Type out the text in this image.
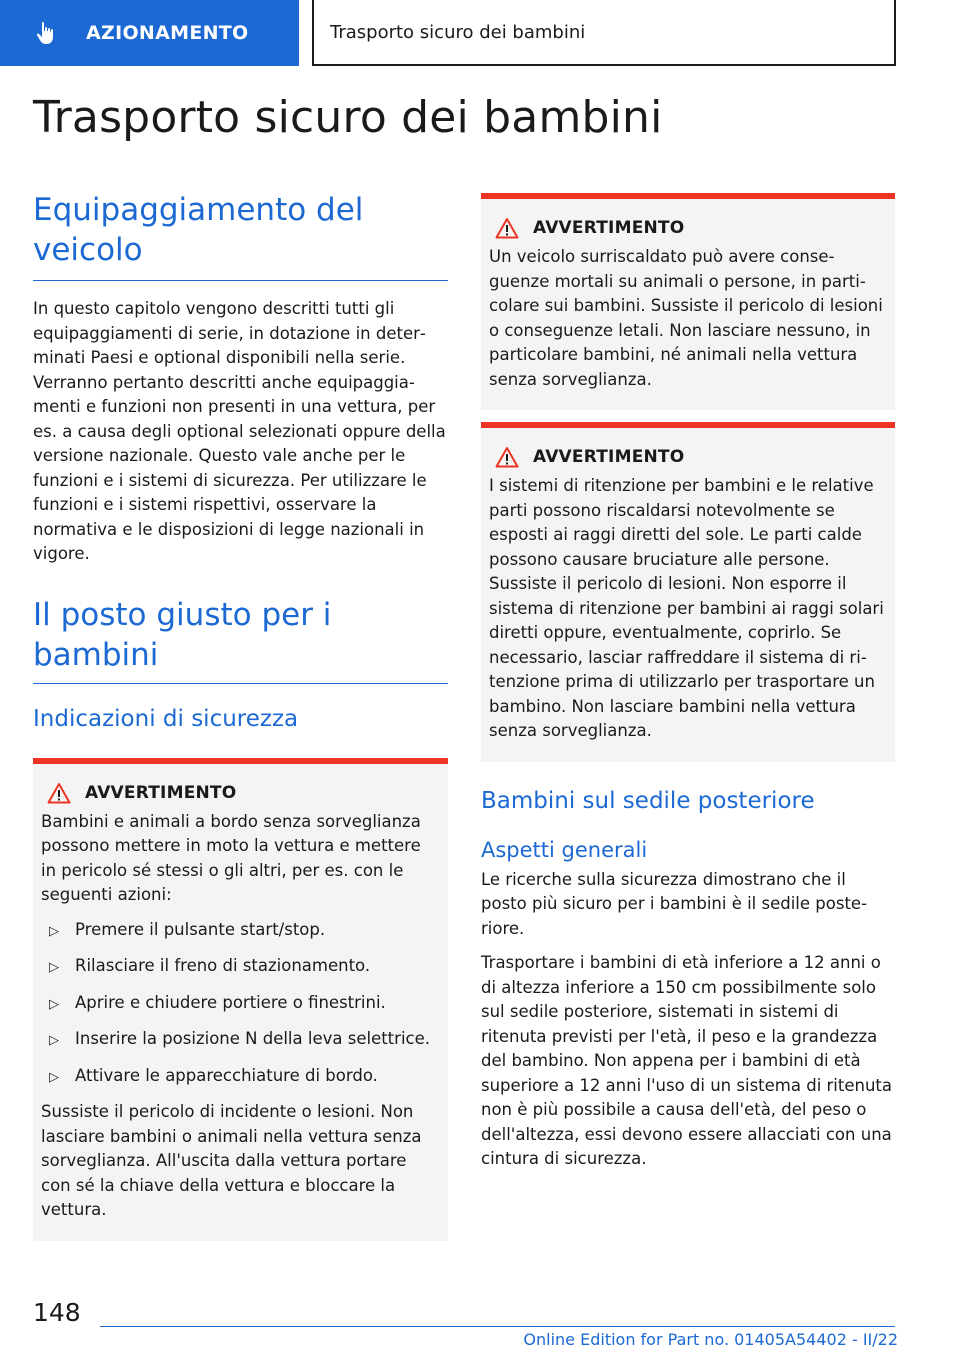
AZIONAMENTO	Trasporto sicuro dei bambini
Trasporto sicuro dei bambini
Equipaggiamento del veicolo

In questo capitolo vengono descritti tutti gli equipaggiamenti di serie, in dotazione in determinati Paesi e optional disponibili nella serie. Verranno pertanto descritti anche equipaggiamenti e funzioni non presenti in una vettura, per es. a causa degli optional selezionati oppure della versione nazionale. Questo vale anche per le funzioni e i sistemi di sicurezza. Per utilizzare le funzioni e i sistemi rispettivi, osservare la normativa e le disposizioni di legge nazionali in vigore.

Il posto giusto per i bambini
Indicazioni di sicurezza
AVVERTIMENTO

Bambini e animali a bordo senza sorveglianza possono mettere in moto la vettura e mettere in pericolo sé stessi o gli altri, per es. con le seguenti azioni:

▷ Premere il pulsante start/stop.
▷ Rilasciare il freno di stazionamento.
▷ Aprire e chiudere portiere o finestrini.
▷ Inserire la posizione N della leva selettrice.
▷ Attivare le apparecchiature di bordo.

Sussiste il pericolo di incidente o lesioni. Non lasciare bambini o animali nella vettura senza sorveglianza. All'uscita dalla vettura portare con sé la chiave della vettura e bloccare la vettura.

AVVERTIMENTO

Un veicolo surriscaldato può avere conseguenze mortali su animali o persone, in particolare sui bambini. Sussiste il pericolo di lesioni o conseguenze letali. Non lasciare nessuno, in particolare bambini, né animali nella vettura senza sorveglianza.

AVVERTIMENTO

I sistemi di ritenzione per bambini e le relative parti possono riscaldarsi notevolmente se esposti ai raggi diretti del sole. Le parti calde possono causare bruciature alle persone. Sussiste il pericolo di lesioni. Non esporre il sistema di ritenzione per bambini ai raggi solari diretti oppure, eventualmente, coprirlo. Se necessario, lasciar raffreddare il sistema di ritenzione prima di utilizzarlo per trasportare un bambino. Non lasciare bambini nella vettura senza sorveglianza.

Bambini sul sedile posteriore
Aspetti generali

Le ricerche sulla sicurezza dimostrano che il posto più sicuro per i bambini è il sedile posteriore.

Trasportare i bambini di età inferiore a 12 anni o di altezza inferiore a 150 cm possibilmente solo sul sedile posteriore, sistemati in sistemi di ritenuta previsti per l'età, il peso e la grandezza del bambino. Non appena per i bambini di età superiore a 12 anni l'uso di un sistema di ritenuta non è più possibile a causa dell'età, del peso o dell'altezza, essi devono essere allacciati con una cintura di sicurezza.

148
Online Edition for Part no. 01405A54402 - II/22
